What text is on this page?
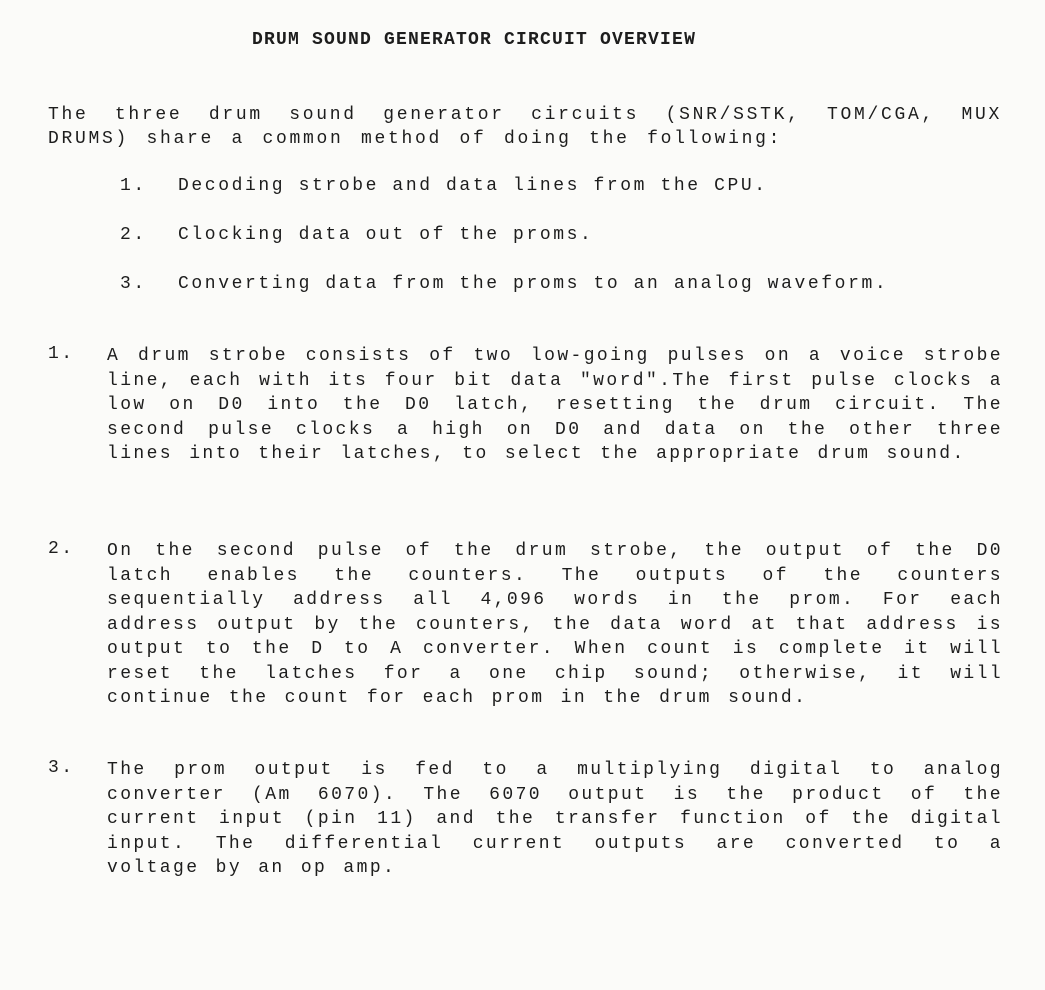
DRUM SOUND GENERATOR CIRCUIT OVERVIEW
The three drum sound generator circuits (SNR/SSTK, TOM/CGA, MUX DRUMS) share a common method of doing the following:
1.	Decoding strobe and data lines from the CPU.
2.	Clocking data out of the proms.
3.	Converting data from the proms to an analog waveform.
1.	A drum strobe consists of two low-going pulses on a voice strobe line, each with its four bit data "word".The first pulse clocks a low on D0 into the D0 latch, resetting the drum circuit. The second pulse clocks a high on D0 and data on the other three lines into their latches, to select the appropriate drum sound.
2.	On the second pulse of the drum strobe, the output of the D0 latch enables the counters. The outputs of the counters sequentially address all 4,096 words in the prom. For each address output by the counters, the data word at that address is output to the D to A converter. When count is complete it will reset the latches for a one chip sound; otherwise, it will continue the count for each prom in the drum sound.
3.	The prom output is fed to a multiplying digital to analog converter (Am 6070). The 6070 output is the product of the current input (pin 11) and the transfer function of the digital input. The differential current outputs are converted to a voltage by an op amp.
